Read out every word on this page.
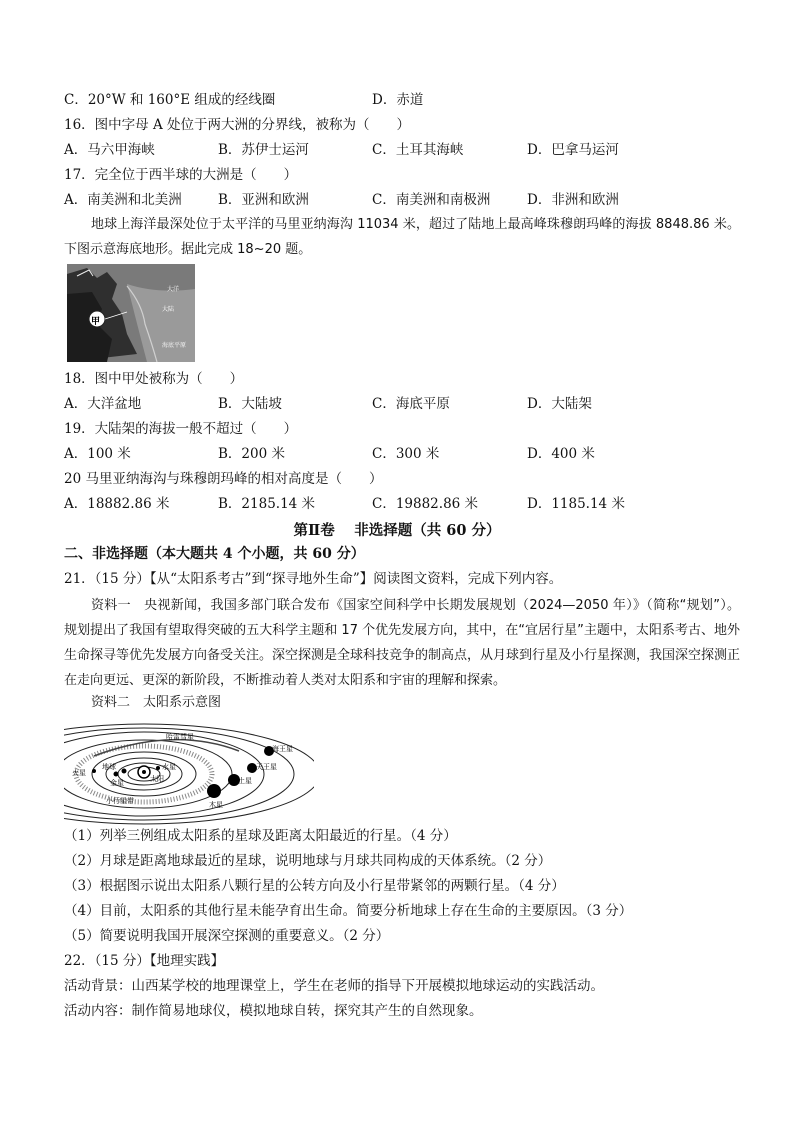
C．20°W 和 160°E 组成的经线圈	D．赤道
16．图中字母 A 处位于两大洲的分界线，被称为（　　）
A．马六甲海峡	B．苏伊士运河	C．土耳其海峡	D．巴拿马运河
17．完全位于西半球的大洲是（　　）
A．南美洲和北美洲	B．亚洲和欧洲	C．南美洲和南极洲	D．非洲和欧洲
地球上海洋最深处位于太平洋的马里亚纳海沟 11034 米，超过了陆地上最高峰珠穆朗玛峰的海拔 8848.86 米。下图示意海底地形。据此完成 18~20 题。
甲
大洋
大陆
海底平原
18．图中甲处被称为（　　）
A．大洋盆地	B．大陆坡	C．海底平原	D．大陆架
19．大陆架的海拔一般不超过（　　）
A．100 米	B．200 米	C．300 米	D．400 米
20 马里亚纳海沟与珠穆朗玛峰的相对高度是（　　）
A．18882.86 米	B．2185.14 米	C．19882.86 米	D．1185.14 米
第Ⅱ卷　 非选择题（共 60 分）
二、非选择题（本大题共 4 个小题，共 60 分）
21．（15 分）【从“太阳系考古”到“探寻地外生命”】阅读图文资料，完成下列内容。
资料一　央视新闻，我国多部门联合发布《国家空间科学中长期发展规划（2024—2050 年）》（简称“规划”）。规划提出了我国有望取得突破的五大科学主题和 17 个优先发展方向，其中，在“宜居行星”主题中，太阳系考古、地外生命探寻等优先发展方向备受关注。深空探测是全球科技竞争的制高点，从月球到行星及小行星探测，我国深空探测正在走向更远、更深的新阶段，不断推动着人类对太阳系和宇宙的理解和探索。
资料二　太阳系示意图
海王星
天王星
土星
木星
火星
地球
金星
水星
太阳
小行星带
哈雷彗星
（1）列举三例组成太阳系的星球及距离太阳最近的行星。（4 分）
（2）月球是距离地球最近的星球，说明地球与月球共同构成的天体系统。（2 分）
（3）根据图示说出太阳系八颗行星的公转方向及小行星带紧邻的两颗行星。（4 分）
（4）目前，太阳系的其他行星未能孕育出生命。简要分析地球上存在生命的主要原因。（3 分）
（5）简要说明我国开展深空探测的重要意义。（2 分）
22．（15 分）【地理实践】
活动背景：山西某学校的地理课堂上，学生在老师的指导下开展模拟地球运动的实践活动。
活动内容：制作简易地球仪，模拟地球自转，探究其产生的自然现象。
